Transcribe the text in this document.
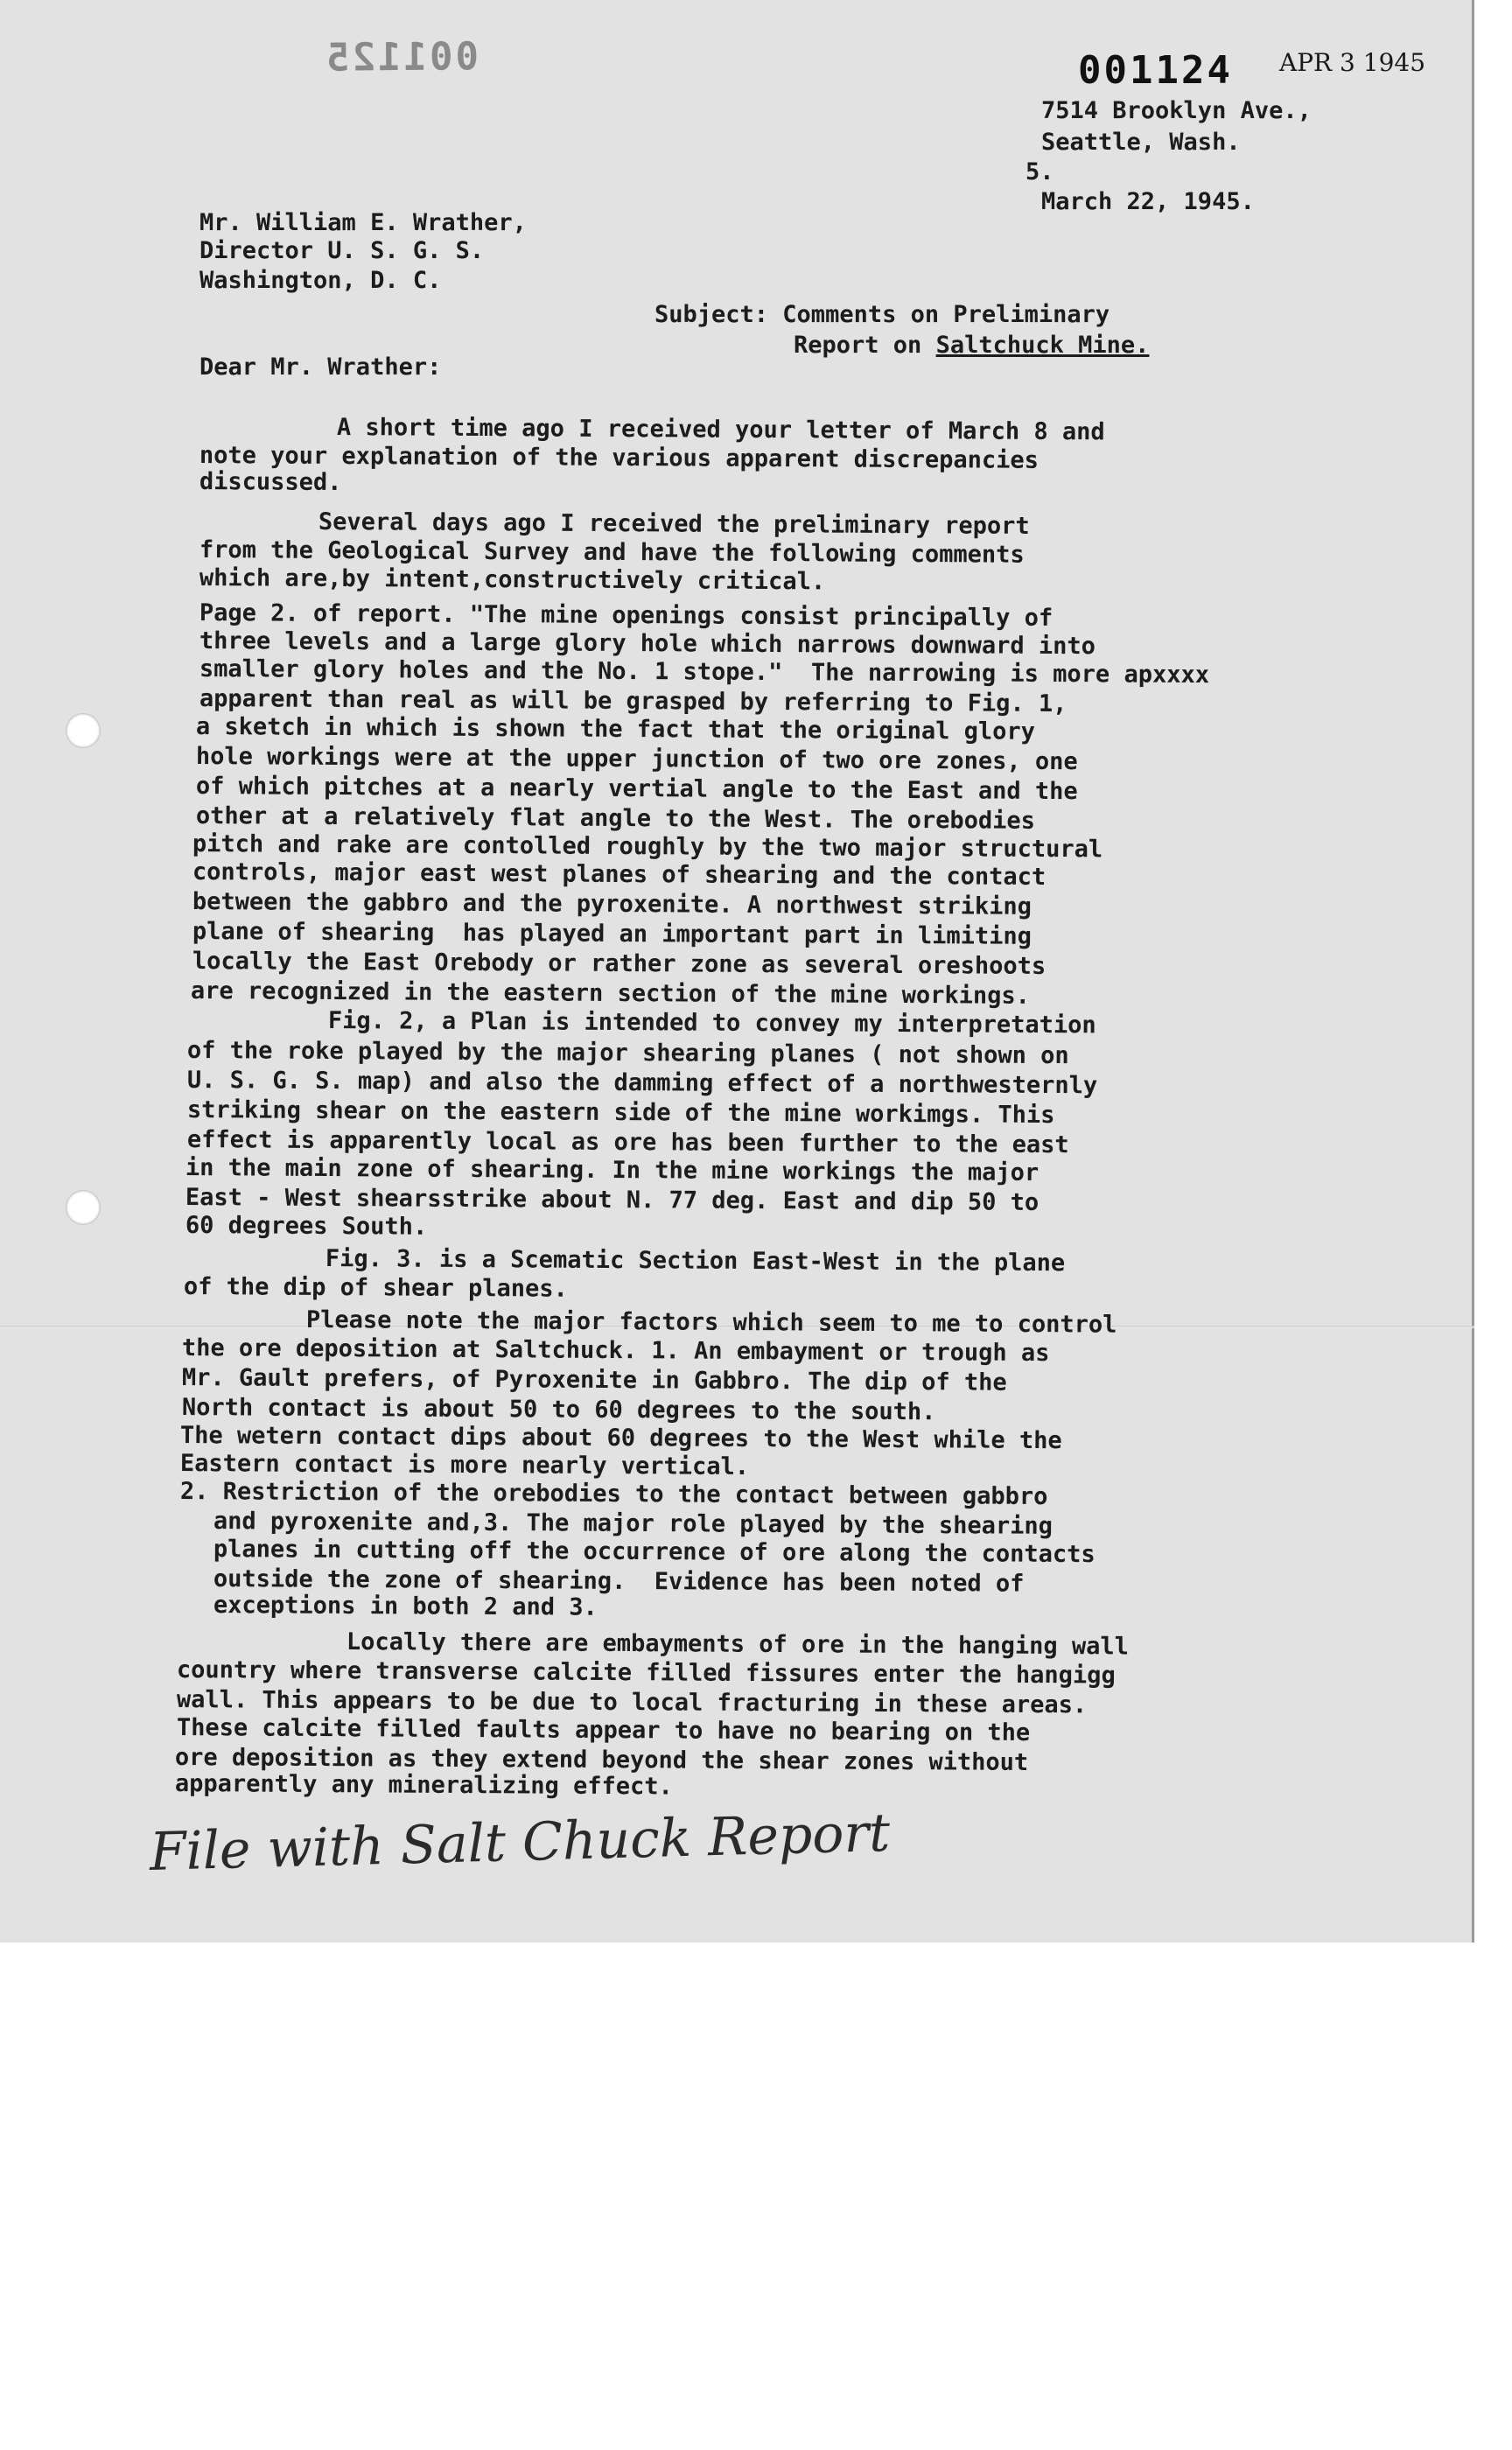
001125	001124 APR 3 1945
7514 Brooklyn Ave.,
Seattle, Wash.
5.
March 22, 1945.
Mr. William E. Wrather,
Director U. S. G. S.
Washington, D. C.
Subject: Comments on Preliminary
Report on Saltchuck Mine.
Dear Mr. Wrather:
A short time ago I received your letter of March 8 and
note your explanation of the various apparent discrepancies
discussed.
Several days ago I received the preliminary report
from the Geological Survey and have the following comments
which are,by intent,constructively critical.
Page 2. of report. "The mine openings consist principally of
three levels and a large glory hole which narrows downward into
smaller glory holes and the No. 1 stope."  The narrowing is more apxxxx
apparent than real as will be grasped by referring to Fig. 1,
a sketch in which is shown the fact that the original glory
hole workings were at the upper junction of two ore zones, one
of which pitches at a nearly vertial angle to the East and the
other at a relatively flat angle to the West. The orebodies
pitch and rake are contolled roughly by the two major structural
controls, major east west planes of shearing and the contact
between the gabbro and the pyroxenite. A northwest striking
plane of shearing  has played an important part in limiting
locally the East Orebody or rather zone as several oreshoots
are recognized in the eastern section of the mine workings.
Fig. 2, a Plan is intended to convey my interpretation
of the roke played by the major shearing planes ( not shown on
U. S. G. S. map) and also the damming effect of a northwesternly
striking shear on the eastern side of the mine workimgs. This
effect is apparently local as ore has been further to the east
in the main zone of shearing. In the mine workings the major
East - West shearsstrike about N. 77 deg. East and dip 50 to
60 degrees South.
Fig. 3. is a Scematic Section East-West in the plane
of the dip of shear planes.
Please note the major factors which seem to me to control
the ore deposition at Saltchuck. 1. An embayment or trough as
Mr. Gault prefers, of Pyroxenite in Gabbro. The dip of the
North contact is about 50 to 60 degrees to the south.
The wetern contact dips about 60 degrees to the West while the
Eastern contact is more nearly vertical.
2. Restriction of the orebodies to the contact between gabbro
and pyroxenite and,3. The major role played by the shearing
planes in cutting off the occurrence of ore along the contacts
outside the zone of shearing.  Evidence has been noted of
exceptions in both 2 and 3.
Locally there are embayments of ore in the hanging wall
country where transverse calcite filled fissures enter the hangigg
wall. This appears to be due to local fracturing in these areas.
These calcite filled faults appear to have no bearing on the
ore deposition as they extend beyond the shear zones without
apparently any mineralizing effect.
File with Salt Chuck Report
